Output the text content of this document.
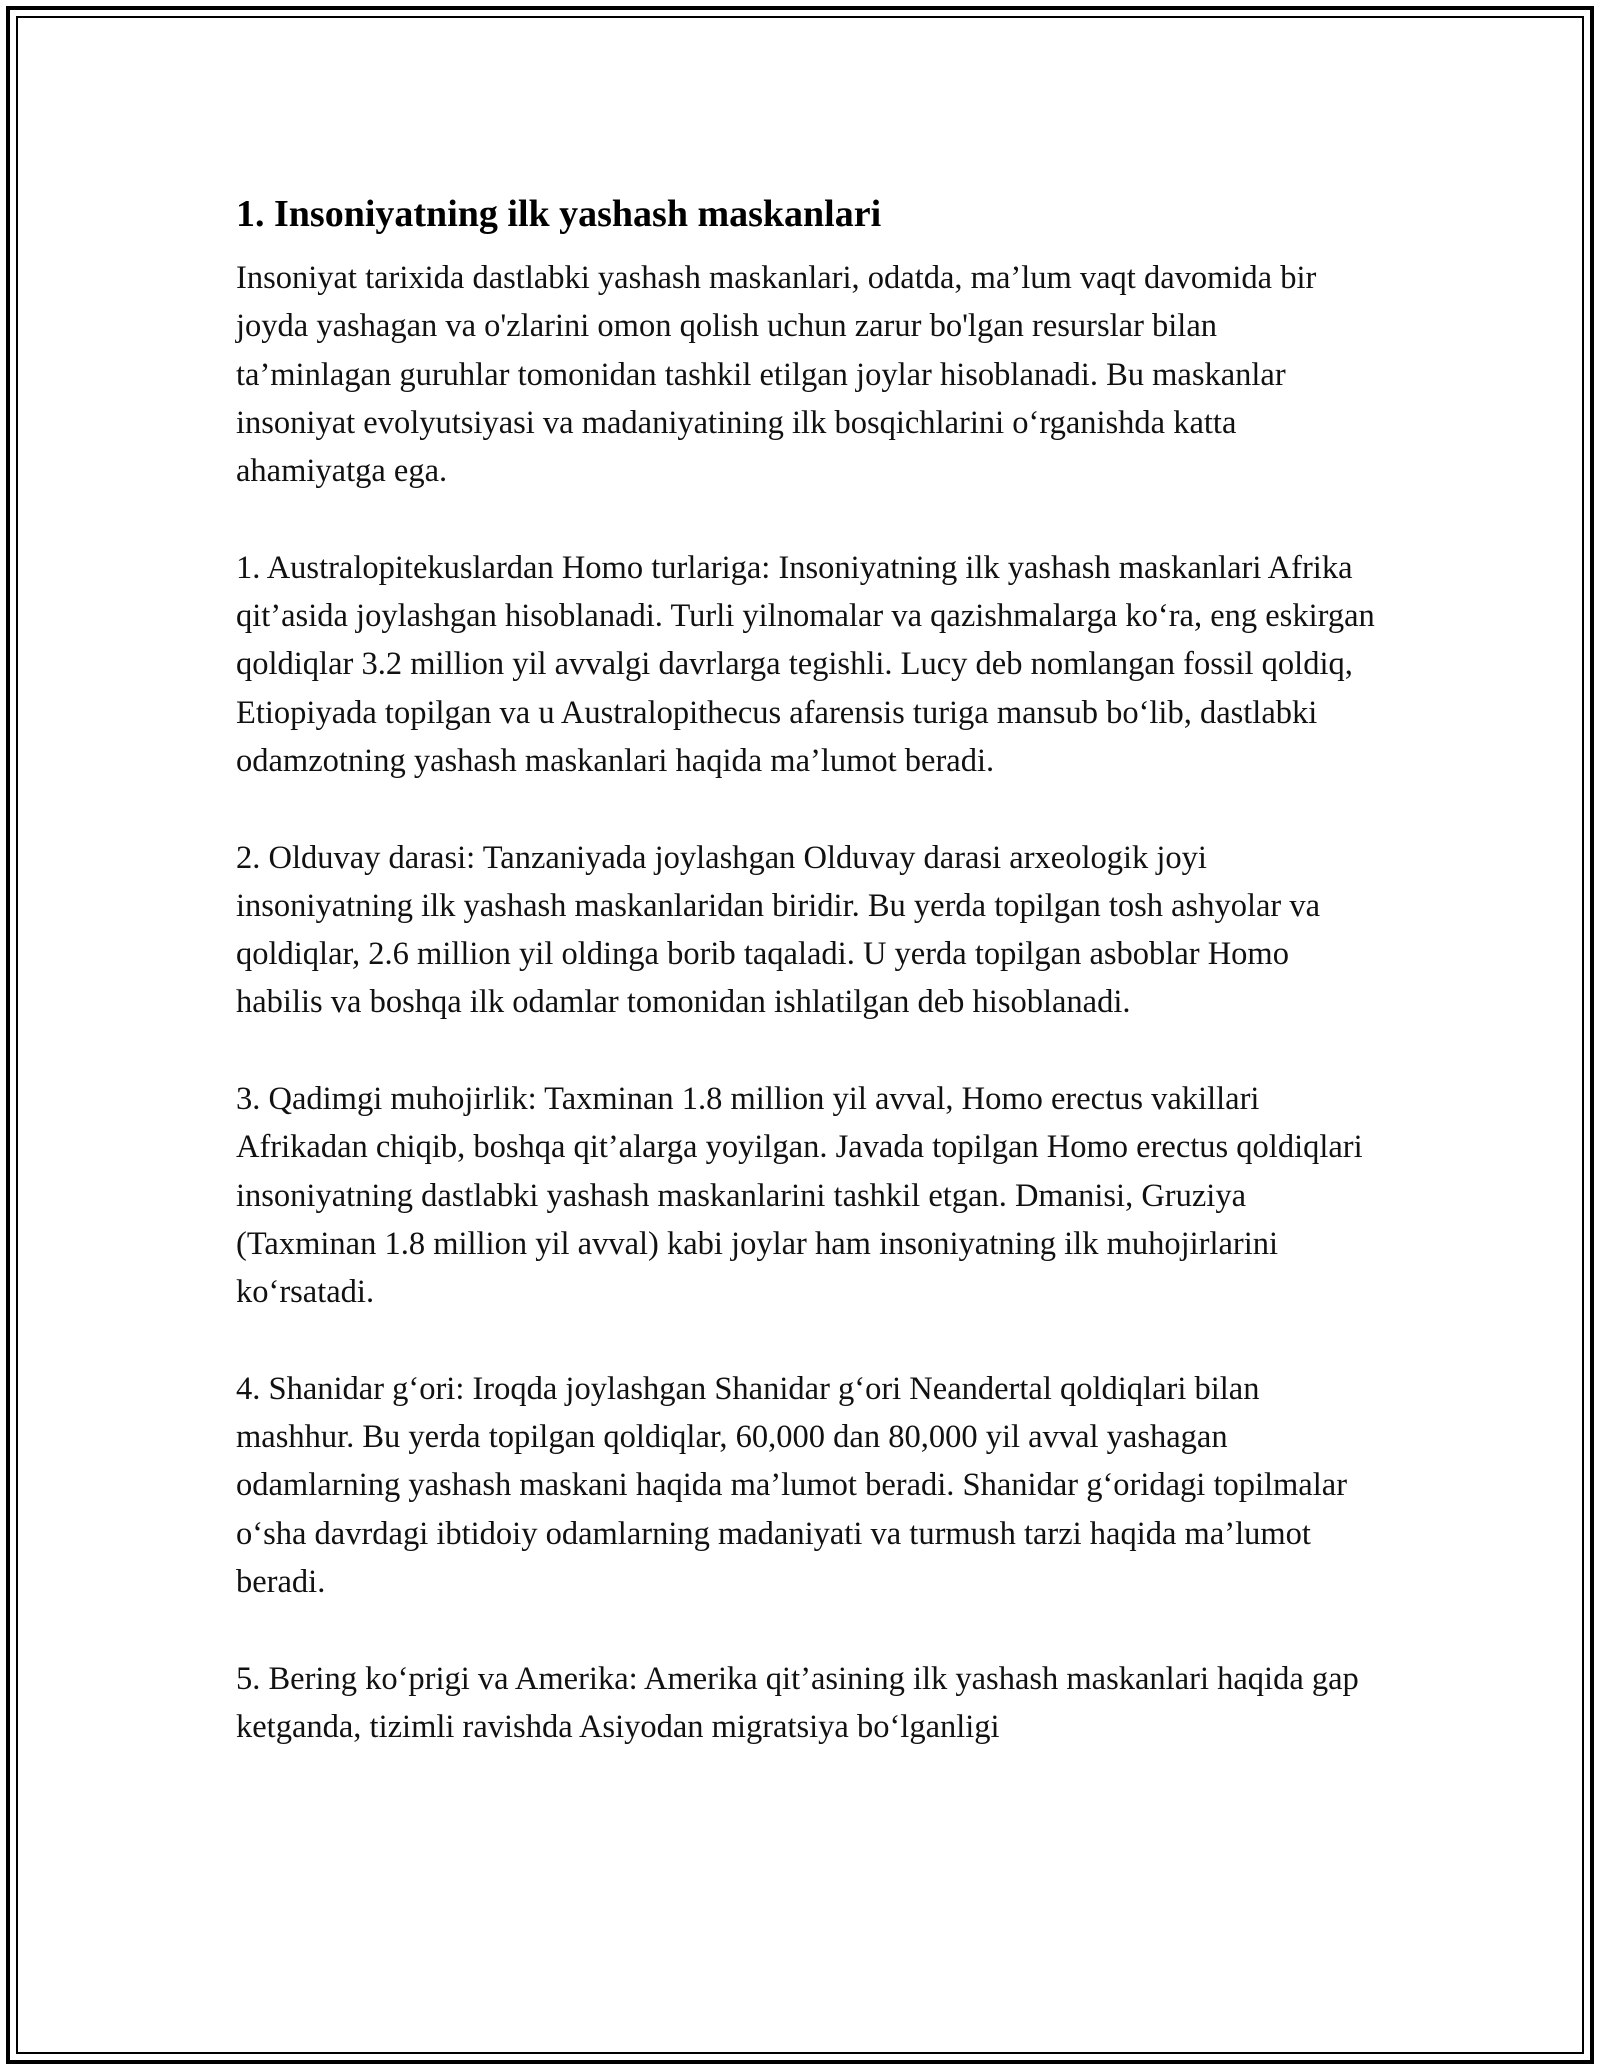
1. Insoniyatning ilk yashash maskanlari

Insoniyat tarixida dastlabki yashash maskanlari, odatda, ma’lum vaqt davomida bir joyda yashagan va o'zlarini omon qolish uchun zarur bo'lgan resurslar bilan ta’minlagan guruhlar tomonidan tashkil etilgan joylar hisoblanadi. Bu maskanlar insoniyat evolyutsiyasi va madaniyatining ilk bosqichlarini o‘rganishda katta ahamiyatga ega.

1. Australopitekuslardan Homo turlariga: Insoniyatning ilk yashash maskanlari Afrika qit’asida joylashgan hisoblanadi. Turli yilnomalar va qazishmalarga ko‘ra, eng eskirgan qoldiqlar 3.2 million yil avvalgi davrlarga tegishli. Lucy deb nomlangan fossil qoldiq, Etiopiyada topilgan va u Australopithecus afarensis turiga mansub bo‘lib, dastlabki odamzotning yashash maskanlari haqida ma’lumot beradi.

2. Olduvay darasi: Tanzaniyada joylashgan Olduvay darasi arxeologik joyi insoniyatning ilk yashash maskanlaridan biridir. Bu yerda topilgan tosh ashyolar va qoldiqlar, 2.6 million yil oldinga borib taqaladi. U yerda topilgan asboblar Homo habilis va boshqa ilk odamlar tomonidan ishlatilgan deb hisoblanadi.

3. Qadimgi muhojirlik: Taxminan 1.8 million yil avval, Homo erectus vakillari Afrikadan chiqib, boshqa qit’alarga yoyilgan. Javada topilgan Homo erectus qoldiqlari insoniyatning dastlabki yashash maskanlarini tashkil etgan. Dmanisi, Gruziya (Taxminan 1.8 million yil avval) kabi joylar ham insoniyatning ilk muhojirlarini ko‘rsatadi.

4. Shanidar g‘ori: Iroqda joylashgan Shanidar g‘ori Neandertal qoldiqlari bilan mashhur. Bu yerda topilgan qoldiqlar, 60,000 dan 80,000 yil avval yashagan odamlarning yashash maskani haqida ma’lumot beradi. Shanidar g‘oridagi topilmalar o‘sha davrdagi ibtidoiy odamlarning madaniyati va turmush tarzi haqida ma’lumot beradi.

5. Bering ko‘prigi va Amerika: Amerika qit’asining ilk yashash maskanlari haqida gap ketganda, tizimli ravishda Asiyodan migratsiya bo‘lganligi
